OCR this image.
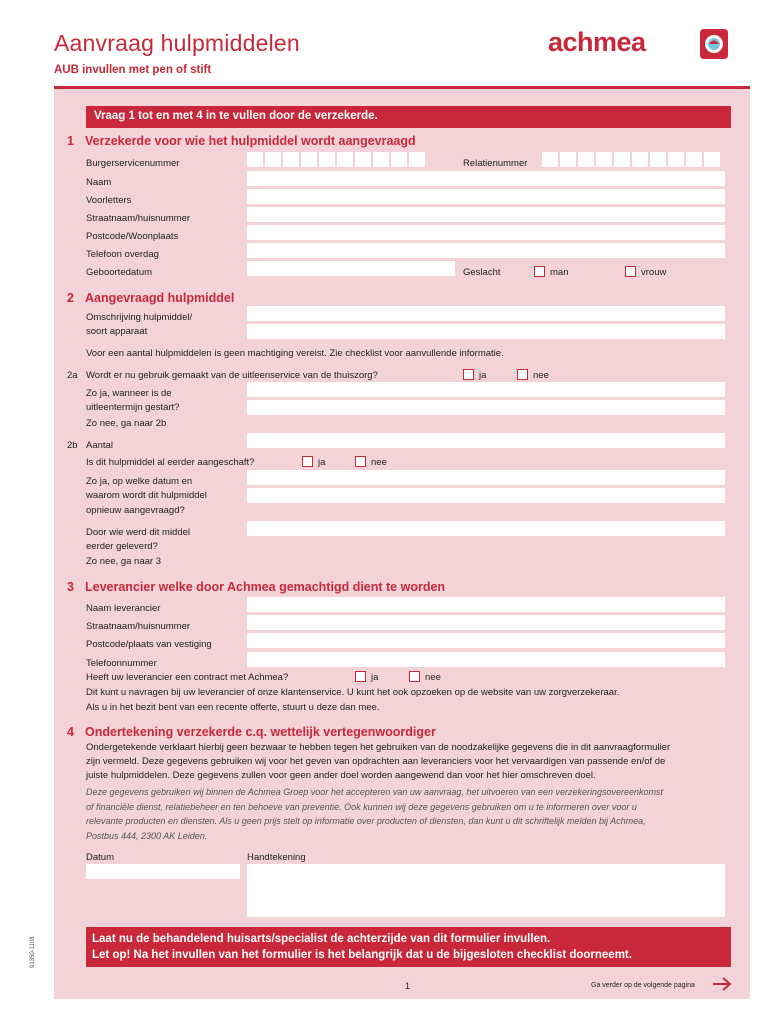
Aanvraag hulpmiddelen
AUB invullen met pen of stift
achmea
Vraag 1 tot en met 4 in te vullen door de verzekerde.
1 Verzekerde voor wie het hulpmiddel wordt aangevraagd
Burgerservicenummer	Relatienummer
Naam
Voorletters
Straatnaam/huisnummer
Postcode/Woonplaats
Telefoon overdag
Geboortedatum	Geslacht	man	vrouw
2 Aangevraagd hulpmiddel
Omschrijving hulpmiddel/
soort apparaat
Voor een aantal hulpmiddelen is geen machtiging vereist. Zie checklist voor aanvullende informatie.
2a Wordt er nu gebruik gemaakt van de uitleenservice van de thuiszorg?	ja	nee
Zo ja, wanneer is de
uitleentermijn gestart?
Zo nee, ga naar 2b
2b Aantal
Is dit hulpmiddel al eerder aangeschaft?	ja	nee
Zo ja, op welke datum en
waarom wordt dit hulpmiddel
opnieuw aangevraagd?
Door wie werd dit middel
eerder geleverd?
Zo nee, ga naar 3
3 Leverancier welke door Achmea gemachtigd dient te worden
Naam leverancier
Straatnaam/huisnummer
Postcode/plaats van vestiging
Telefoonnummer
Heeft uw leverancier een contract met Achmea?	ja	nee
Dit kunt u navragen bij uw leverancier of onze klantenservice. U kunt het ook opzoeken op de website van uw zorgverzekeraar.
Als u in het bezit bent van een recente offerte, stuurt u deze dan mee.
4 Ondertekening verzekerde c.q. wettelijk vertegenwoordiger
Ondergetekende verklaart hierbij geen bezwaar te hebben tegen het gebruiken van de noodzakelijke gegevens die in dit aanvraagformulier
zijn vermeld. Deze gegevens gebruiken wij voor het geven van opdrachten aan leveranciers voor het vervaardigen van passende en/of de
juiste hulpmiddelen. Deze gegevens zullen voor geen ander doel worden aangewend dan voor het hier omschreven doel.
Deze gegevens gebruiken wij binnen de Achmea Groep voor het accepteren van uw aanvraag, het uitvoeren van een verzekeringsovereenkomst
of financiële dienst, relatiebeheer en ten behoeve van preventie. Ook kunnen wij deze gegevens gebruiken om u te informeren over voor u
relevante producten en diensten. Als u geen prijs stelt op informatie over producten of diensten, dan kunt u dit schriftelijk melden bij Achmea,
Postbus 444, 2300 AK Leiden.
Datum	Handtekening
Laat nu de behandelend huisarts/specialist de achterzijde van dit formulier invullen.
Let op! Na het invullen van het formulier is het belangrijk dat u de bijgesloten checklist doorneemt.
91350-1108
1	Ga verder op de volgende pagina
